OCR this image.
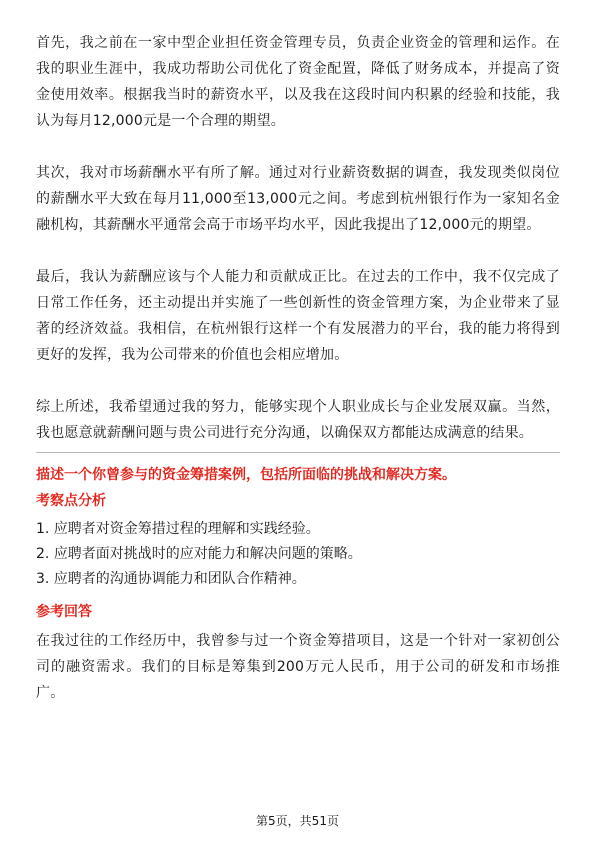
首先，我之前在一家中型企业担任资金管理专员，负责企业资金的管理和运作。在我的职业生涯中，我成功帮助公司优化了资金配置，降低了财务成本，并提高了资金使用效率。根据我当时的薪资水平，以及我在这段时间内积累的经验和技能，我认为每月12,000元是一个合理的期望。

其次，我对市场薪酬水平有所了解。通过对行业薪资数据的调查，我发现类似岗位的薪酬水平大致在每月11,000至13,000元之间。考虑到杭州银行作为一家知名金融机构，其薪酬水平通常会高于市场平均水平，因此我提出了12,000元的期望。

最后，我认为薪酬应该与个人能力和贡献成正比。在过去的工作中，我不仅完成了日常工作任务，还主动提出并实施了一些创新性的资金管理方案，为企业带来了显著的经济效益。我相信，在杭州银行这样一个有发展潜力的平台，我的能力将得到更好的发挥，我为公司带来的价值也会相应增加。

综上所述，我希望通过我的努力，能够实现个人职业成长与企业发展双赢。当然，我也愿意就薪酬问题与贵公司进行充分沟通，以确保双方都能达成满意的结果。

描述一个你曾参与的资金筹措案例，包括所面临的挑战和解决方案。

考察点分析

1. 应聘者对资金筹措过程的理解和实践经验。
2. 应聘者面对挑战时的应对能力和解决问题的策略。
3. 应聘者的沟通协调能力和团队合作精神。

参考回答

在我过往的工作经历中，我曾参与过一个资金筹措项目，这是一个针对一家初创公司的融资需求。我们的目标是筹集到200万元人民币，用于公司的研发和市场推广。

第5页，共51页
